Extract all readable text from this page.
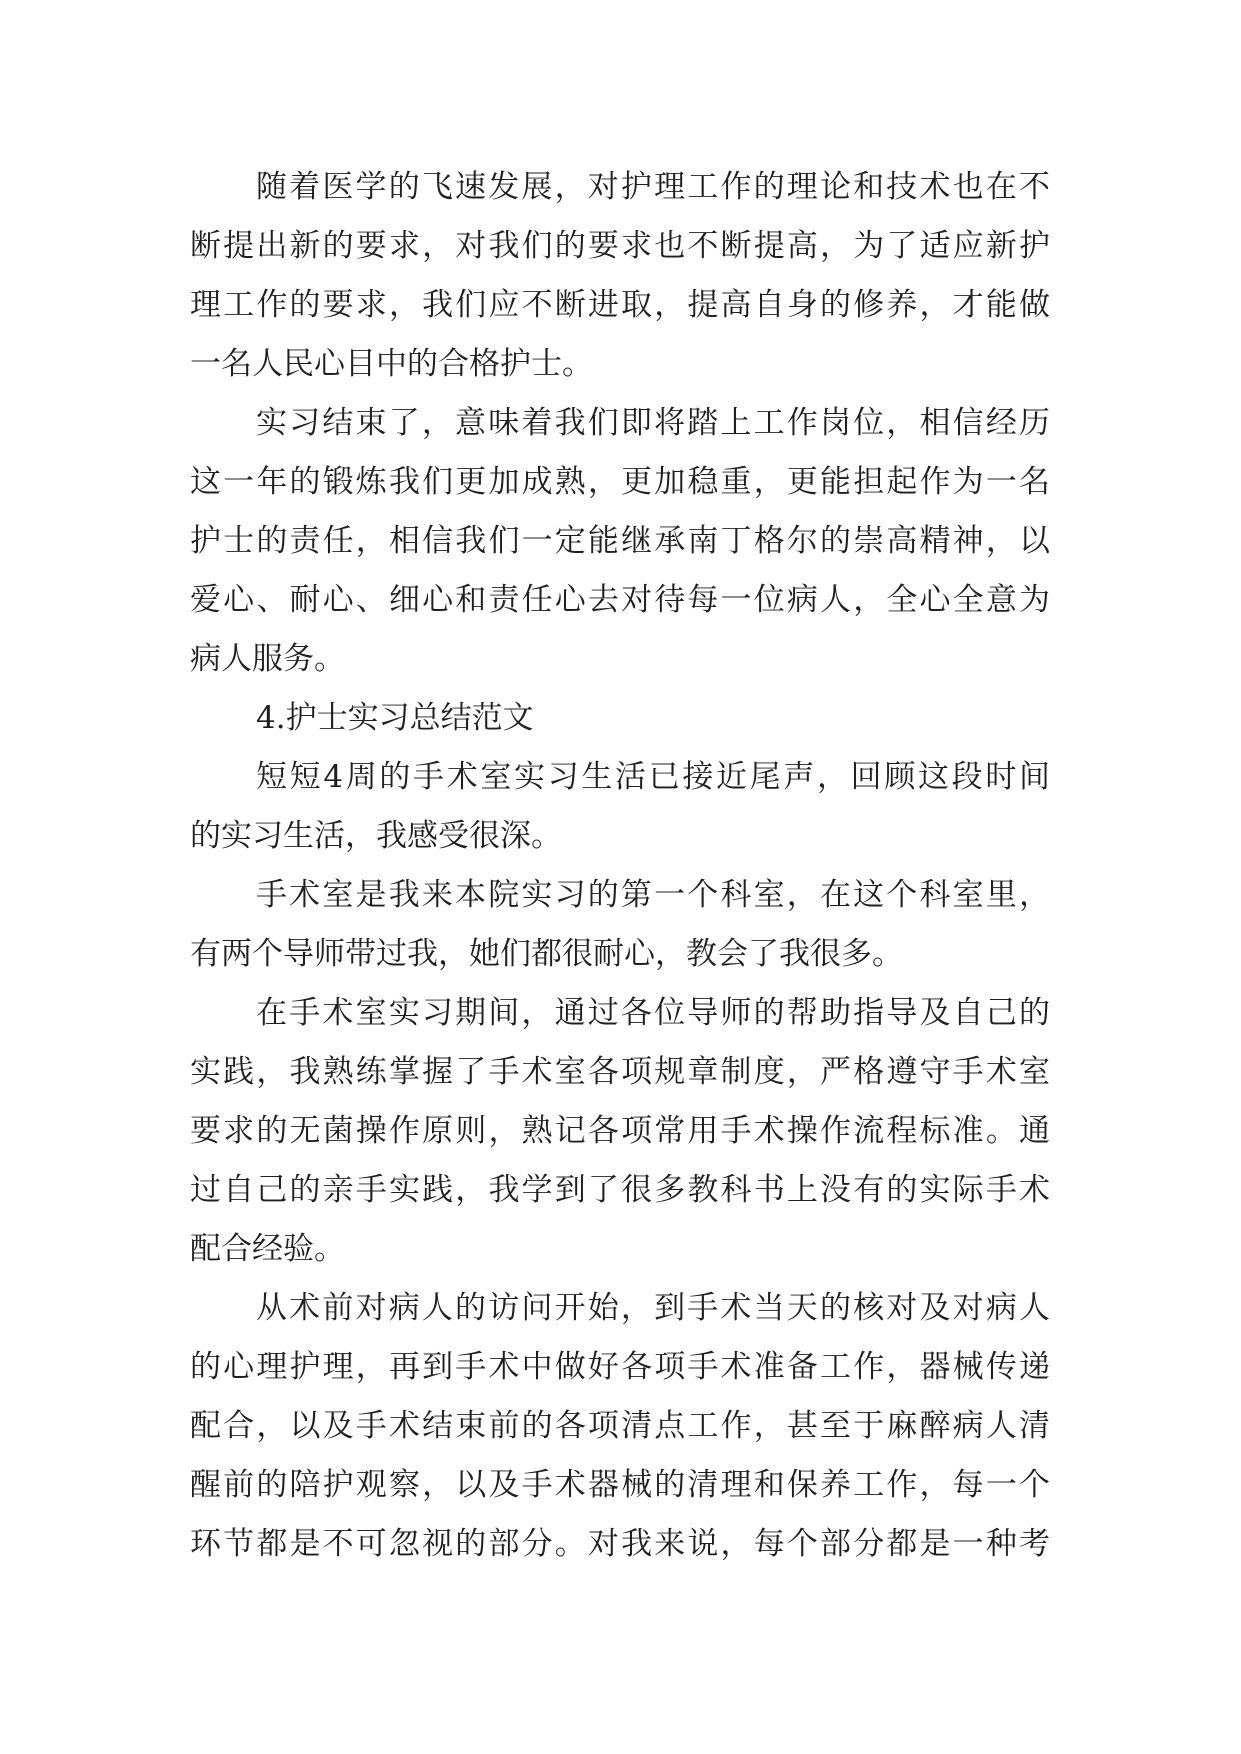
随着医学的飞速发展，对护理工作的理论和技术也在不
断提出新的要求，对我们的要求也不断提高，为了适应新护
理工作的要求，我们应不断进取，提高自身的修养，才能做
一名人民心目中的合格护士。
实习结束了，意味着我们即将踏上工作岗位，相信经历
这一年的锻炼我们更加成熟，更加稳重，更能担起作为一名
护士的责任，相信我们一定能继承南丁格尔的崇高精神，以
爱心、耐心、细心和责任心去对待每一位病人，全心全意为
病人服务。
4.护士实习总结范文
短短4周的手术室实习生活已接近尾声，回顾这段时间
的实习生活，我感受很深。
手术室是我来本院实习的第一个科室，在这个科室里，
有两个导师带过我，她们都很耐心，教会了我很多。
在手术室实习期间，通过各位导师的帮助指导及自己的
实践，我熟练掌握了手术室各项规章制度，严格遵守手术室
要求的无菌操作原则，熟记各项常用手术操作流程标准。通
过自己的亲手实践，我学到了很多教科书上没有的实际手术
配合经验。
从术前对病人的访问开始，到手术当天的核对及对病人
的心理护理，再到手术中做好各项手术准备工作，器械传递
配合，以及手术结束前的各项清点工作，甚至于麻醉病人清
醒前的陪护观察，以及手术器械的清理和保养工作，每一个
环节都是不可忽视的部分。对我来说，每个部分都是一种考
